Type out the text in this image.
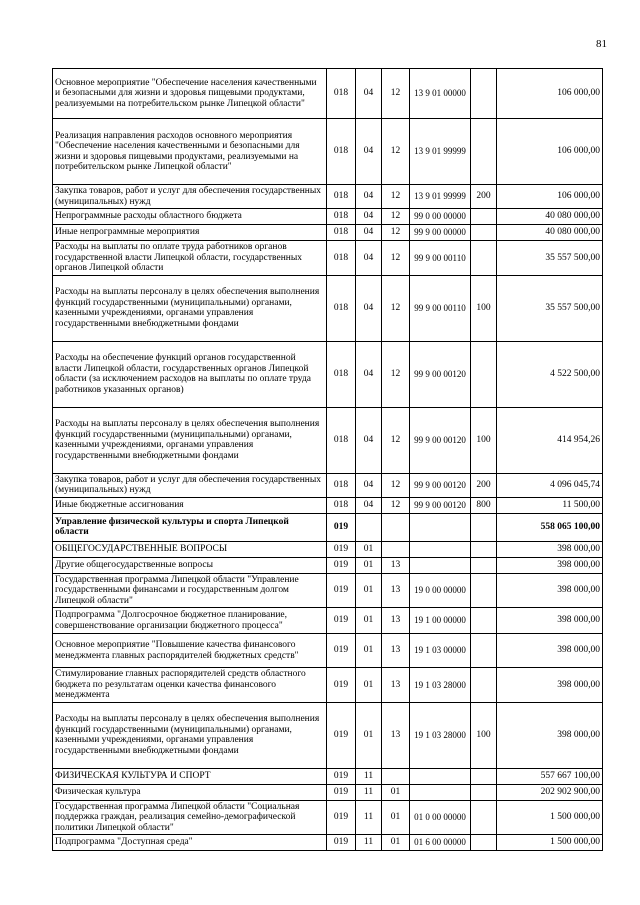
81
Основное мероприятие "Обеспечение населения качественными и безопасными для жизни и здоровья пищевыми продуктами, реализуемыми на потребительском рынке Липецкой области"	018	04	12	13 9 01 00000		106 000,00
Реализация направления расходов основного мероприятия "Обеспечение населения качественными и безопасными для жизни и здоровья пищевыми продуктами, реализуемыми на потребительском рынке Липецкой области"	018	04	12	13 9 01 99999		106 000,00
Закупка товаров, работ и услуг для обеспечения государственных (муниципальных) нужд	018	04	12	13 9 01 99999	200	106 000,00
Непрограммные расходы областного бюджета	018	04	12	99 0 00 00000		40 080 000,00
Иные непрограммные мероприятия	018	04	12	99 9 00 00000		40 080 000,00
Расходы на выплаты по оплате труда работников органов государственной власти Липецкой области, государственных органов Липецкой области	018	04	12	99 9 00 00110		35 557 500,00
Расходы на выплаты персоналу в целях обеспечения выполнения функций государственными (муниципальными) органами, казенными учреждениями, органами управления государственными внебюджетными фондами	018	04	12	99 9 00 00110	100	35 557 500,00
Расходы на обеспечение функций органов государственной власти Липецкой области, государственных органов Липецкой области (за исключением расходов на выплаты по оплате труда работников указанных органов)	018	04	12	99 9 00 00120		4 522 500,00
Расходы на выплаты персоналу в целях обеспечения выполнения функций государственными (муниципальными) органами, казенными учреждениями, органами управления государственными внебюджетными фондами	018	04	12	99 9 00 00120	100	414 954,26
Закупка товаров, работ и услуг для обеспечения государственных (муниципальных) нужд	018	04	12	99 9 00 00120	200	4 096 045,74
Иные бюджетные ассигнования	018	04	12	99 9 00 00120	800	11 500,00
Управление физической культуры и спорта Липецкой области	019					558 065 100,00
ОБЩЕГОСУДАРСТВЕННЫЕ ВОПРОСЫ	019	01				398 000,00
Другие общегосударственные вопросы	019	01	13			398 000,00
Государственная программа Липецкой области "Управление государственными финансами и государственным долгом Липецкой области"	019	01	13	19 0 00 00000		398 000,00
Подпрограмма "Долгосрочное бюджетное планирование, совершенствование организации бюджетного процесса"	019	01	13	19 1 00 00000		398 000,00
Основное мероприятие "Повышение качества финансового менеджмента главных распорядителей бюджетных средств"	019	01	13	19 1 03 00000		398 000,00
Стимулирование главных распорядителей средств областного бюджета по результатам оценки качества финансового менеджмента	019	01	13	19 1 03 28000		398 000,00
Расходы на выплаты персоналу в целях обеспечения выполнения функций государственными (муниципальными) органами, казенными учреждениями, органами управления государственными внебюджетными фондами	019	01	13	19 1 03 28000	100	398 000,00
ФИЗИЧЕСКАЯ КУЛЬТУРА И СПОРТ	019	11				557 667 100,00
Физическая культура	019	11	01			202 902 900,00
Государственная программа Липецкой области "Социальная поддержка граждан, реализация семейно-демографической политики Липецкой области"	019	11	01	01 0 00 00000		1 500 000,00
Подпрограмма "Доступная среда"	019	11	01	01 6 00 00000		1 500 000,00
